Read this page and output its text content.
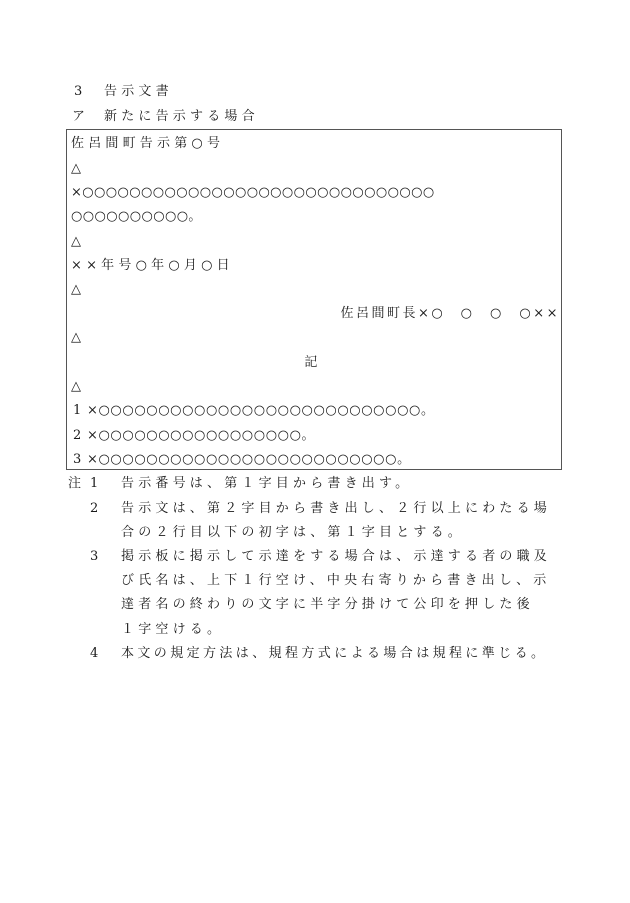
3 告示文書
ア 新たに告示する場合
佐呂間町告示第○号
△
×○○○○○○○○○○○○○○○○○○○○○○○○○○○○○○
○○○○○○○○○○。
△
××年号○年○月○日
△
佐呂間町長×○　○　○　○××
△
記
△
1 ×○○○○○○○○○○○○○○○○○○○○○○○○○○○。
2 ×○○○○○○○○○○○○○○○○○。
3 ×○○○○○○○○○○○○○○○○○○○○○○○○○。
注 1 告示番号は、第１字目から書き出す。
2 告示文は、第２字目から書き出し、２行以上にわたる場
合の２行目以下の初字は、第１字目とする。
3 掲示板に掲示して示達をする場合は、示達する者の職及
び氏名は、上下１行空け、中央右寄りから書き出し、示
達者名の終わりの文字に半字分掛けて公印を押した後
１字空ける。
4 本文の規定方法は、規程方式による場合は規程に準じる。
